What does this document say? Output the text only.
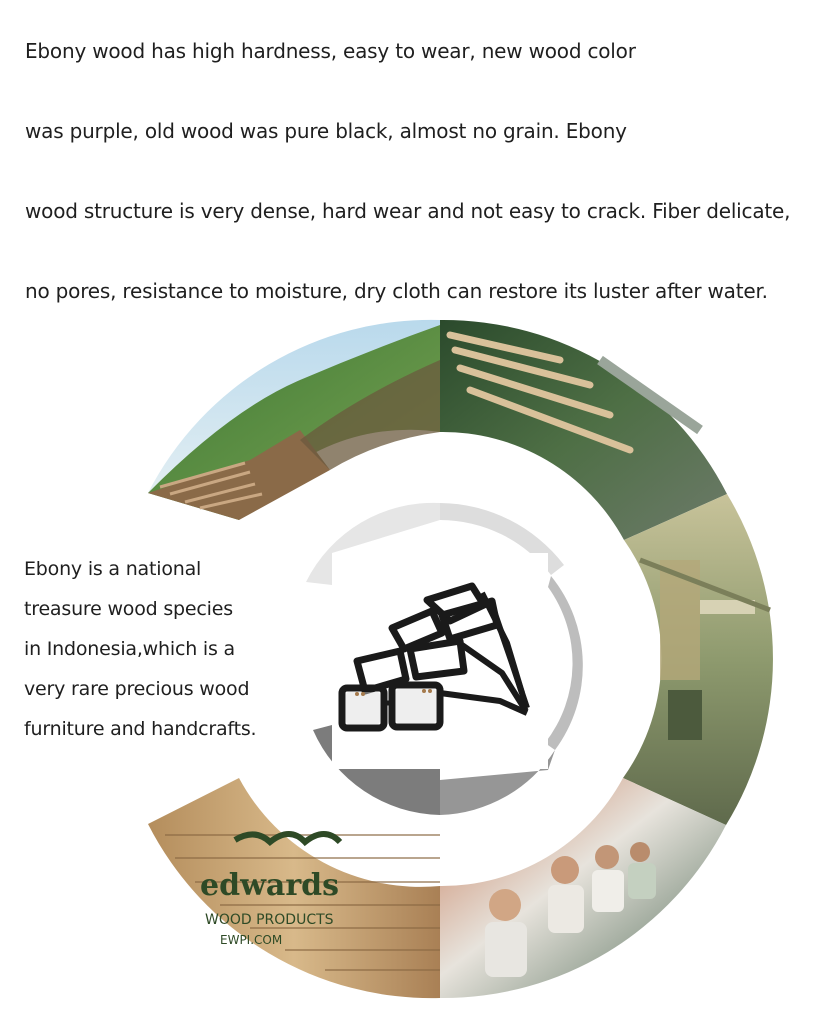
Ebony wood has high hardness, easy to wear, new wood color

was purple, old wood was pure black, almost no grain. Ebony

wood structure is very dense, hard wear and not easy to crack. Fiber delicate,

no pores, resistance to moisture, dry cloth can restore its luster after water.

edwards
WOOD PRODUCTS
EWPI.COM
Ebony is a national
treasure wood species
in Indonesia,which is a
very rare precious wood
furniture and handcrafts.
